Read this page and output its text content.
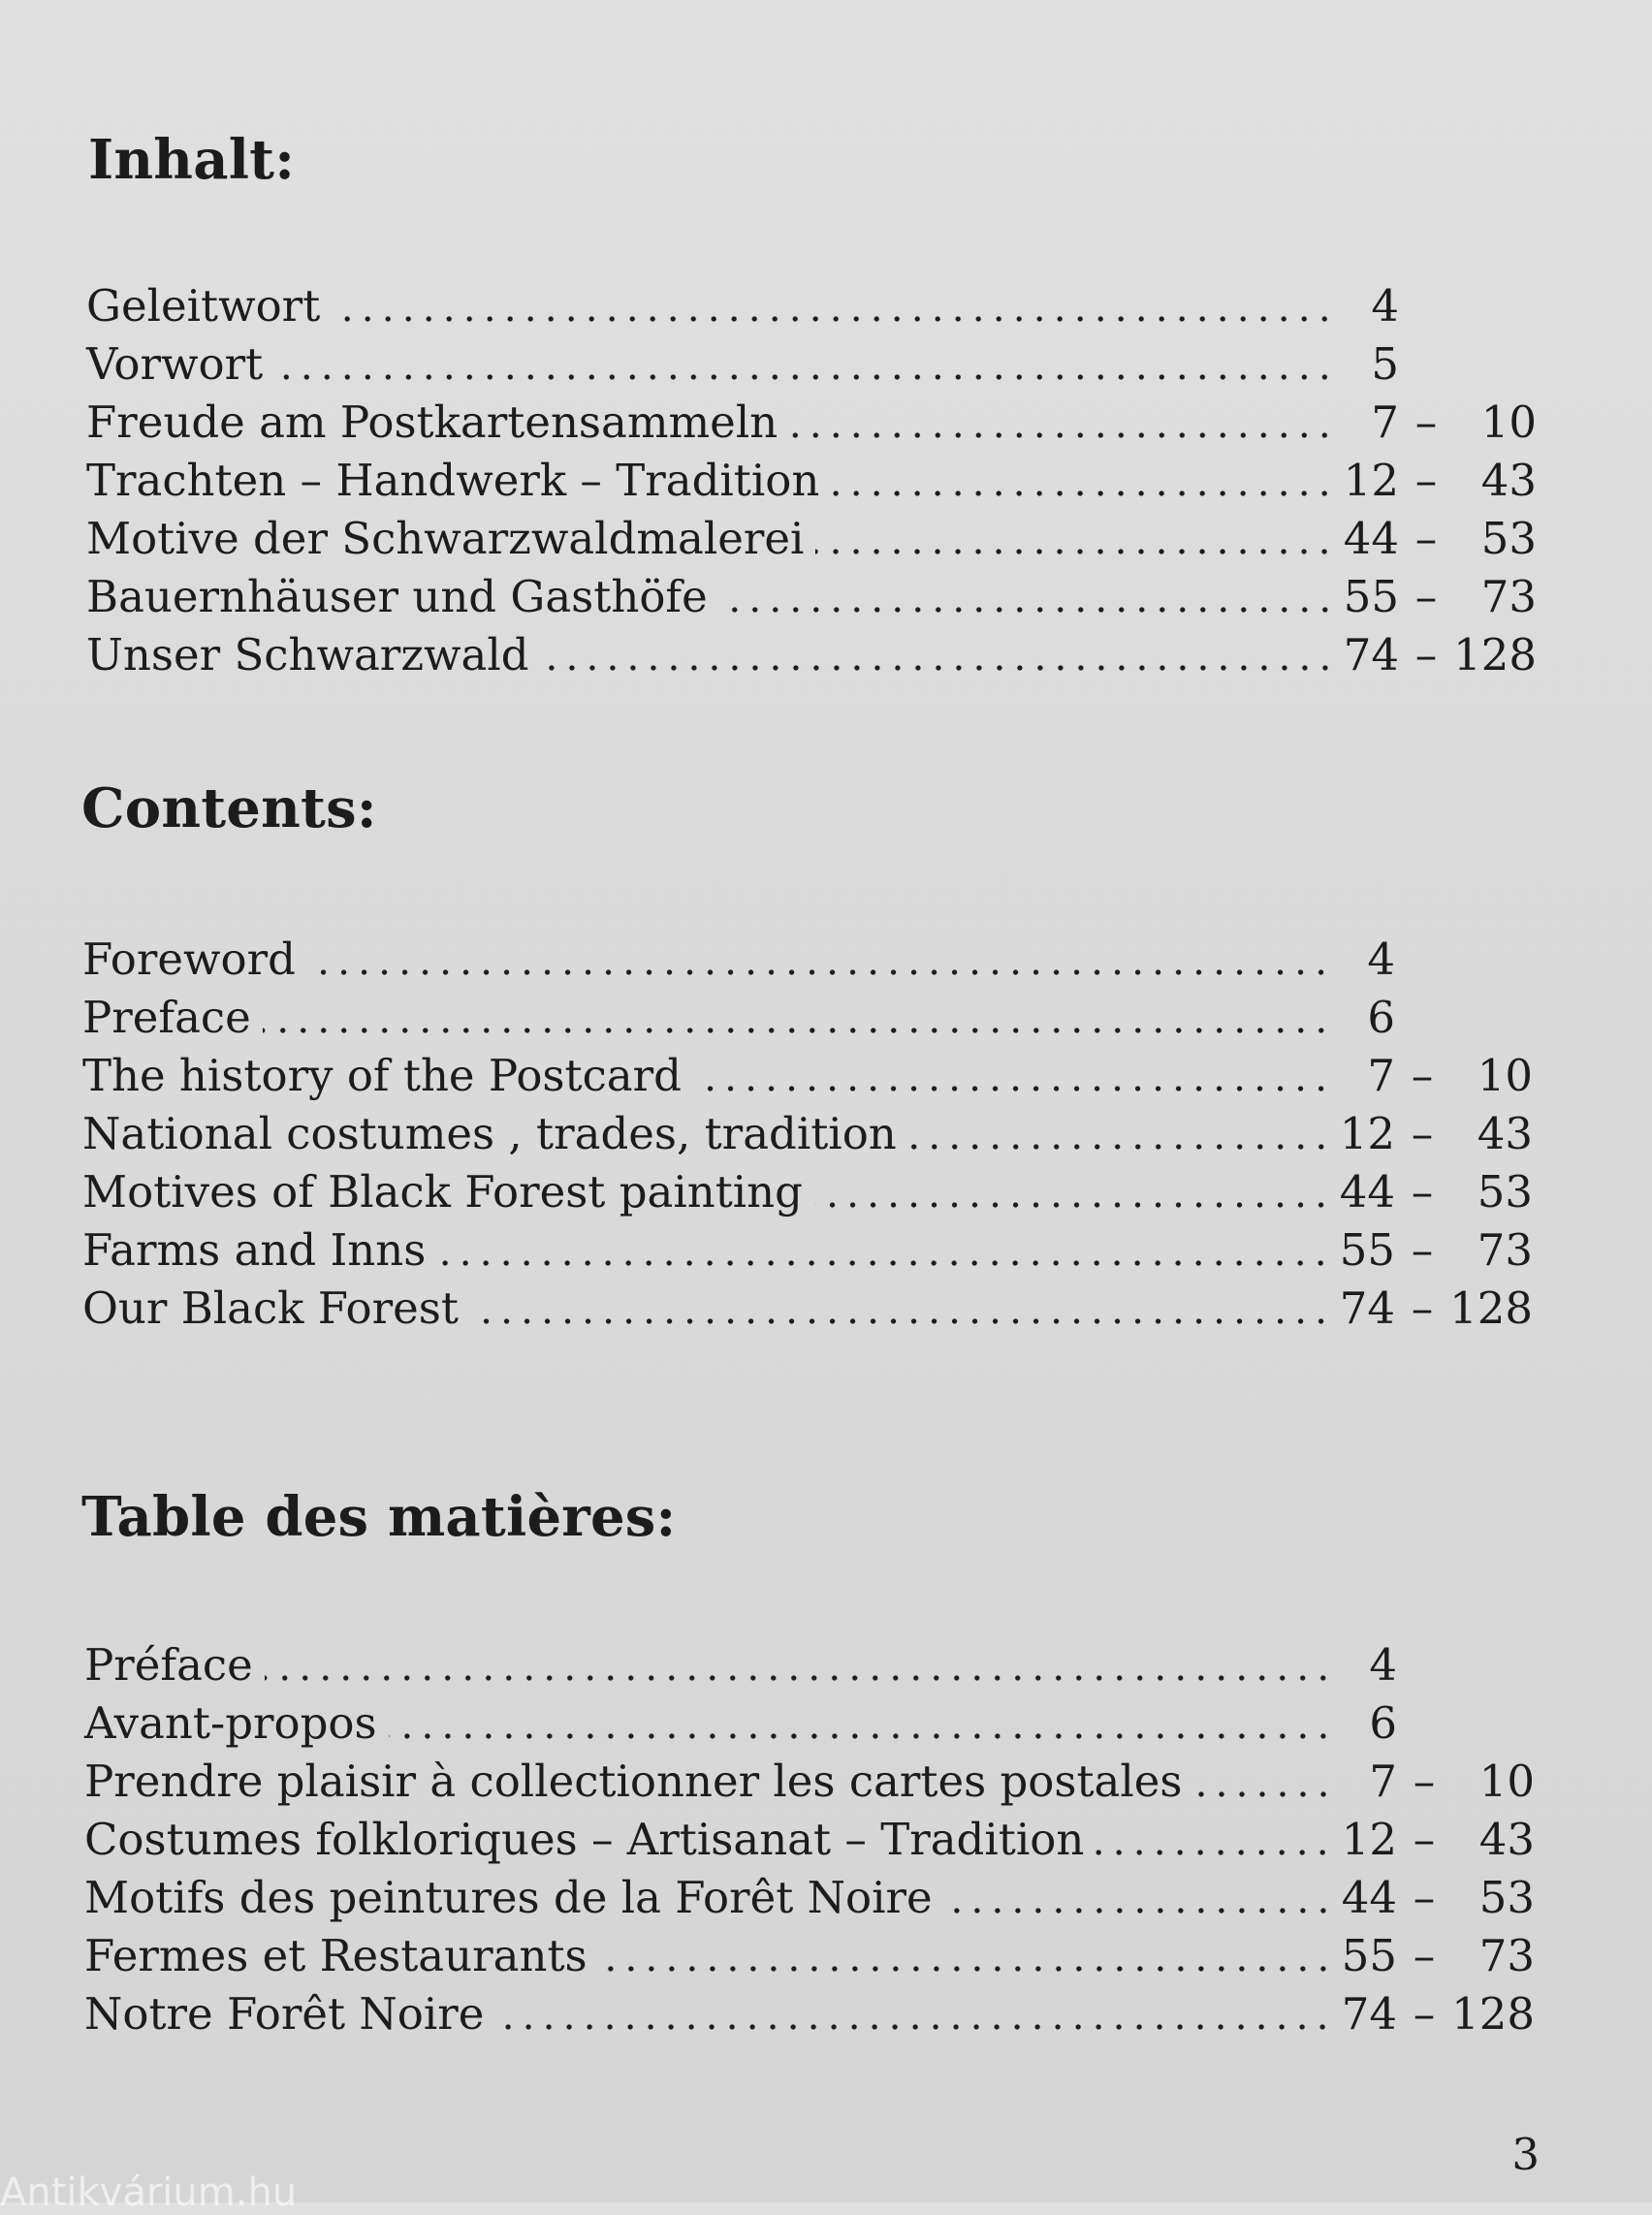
Inhalt:
Geleitwort	4
Vorwort	5
Freude am Postkartensammeln	7 –	10
Trachten – Handwerk – Tradition	12 –	43
Motive der Schwarzwaldmalerei	44 –	53
Bauernhäuser und Gasthöfe	55 –	73
Unser Schwarzwald	74 – 128
Contents:
Foreword	4
Preface	6
The history of the Postcard	7 –	10
National costumes , trades, tradition	12 –	43
Motives of Black Forest painting	44 –	53
Farms and Inns	55 –	73
Our Black Forest	74 – 128
Table des matières:
Préface	4
Avant-propos	6
Prendre plaisir à collectionner les cartes postales	7 –	10
Costumes folkloriques – Artisanat – Tradition	12 –	43
Motifs des peintures de la Forêt Noire	44 –	53
Fermes et Restaurants	55 –	73
Notre Forêt Noire	74 – 128
3
Antikvárium.hu
